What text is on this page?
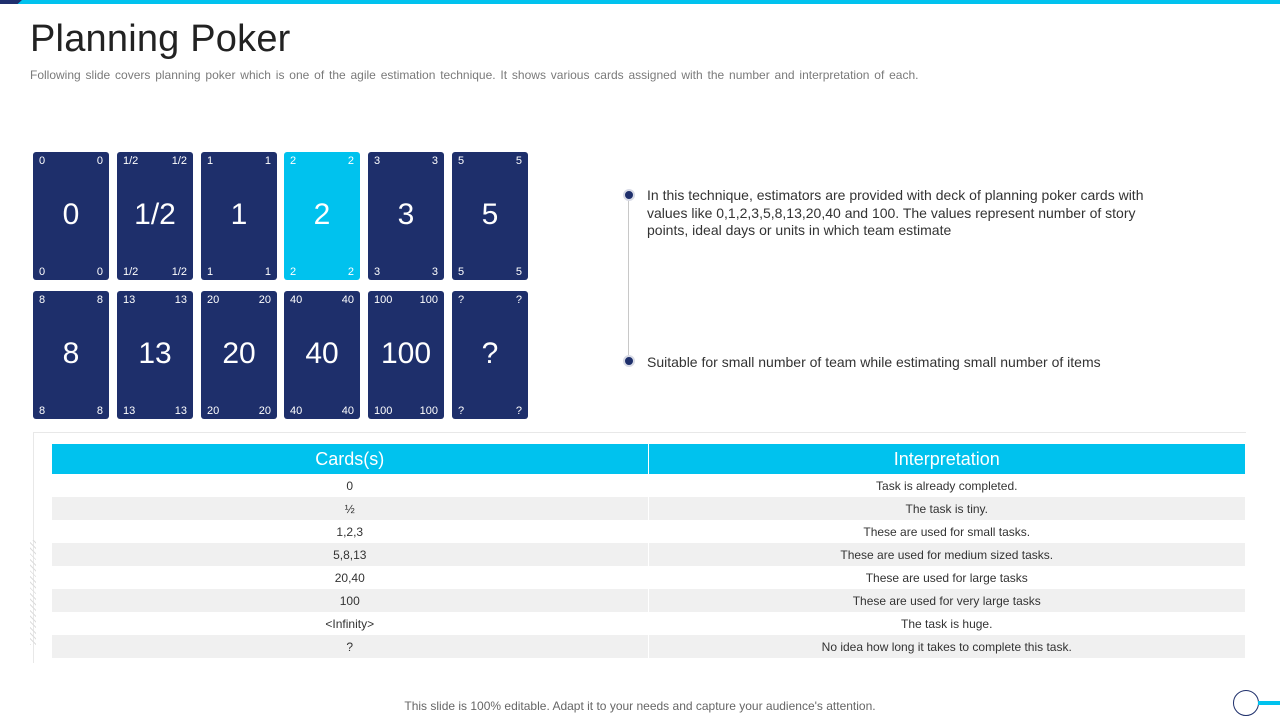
Planning Poker
Following slide covers planning poker which is one of the agile estimation technique. It shows various cards assigned with the number and interpretation of each.
0	0
0
0	0
1/2	1/2
1/2
1/2	1/2
1	1
1
1	1
2	2
2
2	2
3	3
3
3	3
5	5
5
5	5
8	8
8
8	8
13	13
13
13	13
20	20
20
20	20
40	40
40
40	40
100 100
100
100 100
?	?
?
?	?
In this technique, estimators are provided with deck of planning poker cards with values like 0,1,2,3,5,8,13,20,40 and 100. The values represent number of story points, ideal days or units in which team estimate
Suitable for small number of team while estimating small number of items
Cards(s)	Interpretation
0	Task is already completed.
½	The task is tiny.
1,2,3	These are used for small tasks.
5,8,13	These are used for medium sized tasks.
20,40	These are used for large tasks
100	These are used for very large tasks
<Infinity>	The task is huge.
?	No idea how long it takes to complete this task.
This slide is 100% editable. Adapt it to your needs and capture your audience's attention.
